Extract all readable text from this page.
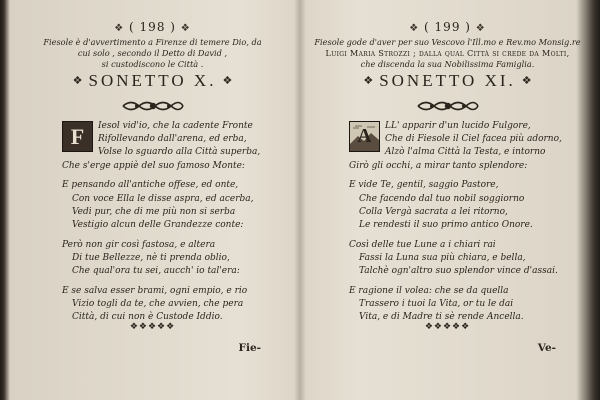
❖ ( 198 ) ❖
Fiesole è d'avvertimento a Firenze di temere Dio, da
cui solo , secondo il Detto di David ,
si custodiscono le Città .
❖ SONETTO X. ❖
F	Iesol vid'io, che la cadente Fronte
Rifollevando dall'arena, ed erba,
Volse lo sguardo alla Città superba,
Che s'erge appiè del suo famoso Monte:
E pensando all'antiche offese, ed onte,
Con voce Ella le disse aspra, ed acerba,
Vedi pur, che di me più non si serba
Vestigio alcun delle Grandezze conte:
Però non gir così fastosa, e altera
Di tue Bellezze, nè ti prenda oblio,
Che qual'ora tu sei, aucch' io tal'era:
E se salva esser brami, ogni empio, e rio
Vizio togli da te, che avvien, che pera
Città, di cui non è Custode Iddio.
❖❖❖❖❖
Fie-
❖ ( 199 ) ❖
Fiesole gode d'aver per suo Vescovo l'Ill.mo e Rev.mo Monsig.re
Luigi Maria Strozzi ; dalla qual Città si crede da Molti,
che discenda la sua Nobilissima Famiglia.
❖ SONETTO XI. ❖
A	LL' apparir d'un lucido Fulgore,
Che di Fiesole il Ciel facea più adorno,
Alzò l'alma Città la Testa, e intorno
Girò gli occhi, a mirar tanto splendore:
E vide Te, gentil, saggio Pastore,
Che facendo dal tuo nobil soggiorno
Colla Vergà sacrata a lei ritorno,
Le rendesti il suo primo antico Onore.
Così delle tue Lune a i chiari rai
Fassi la Luna sua più chiara, e bella,
Talchè ogn'altro suo splendor vince d'assai.
E ragione il volea: che se da quella
Trassero i tuoi la Vita, or tu le dai
Vita, e di Madre ti sè rende Ancella.
❖❖❖❖❖
Ve-
